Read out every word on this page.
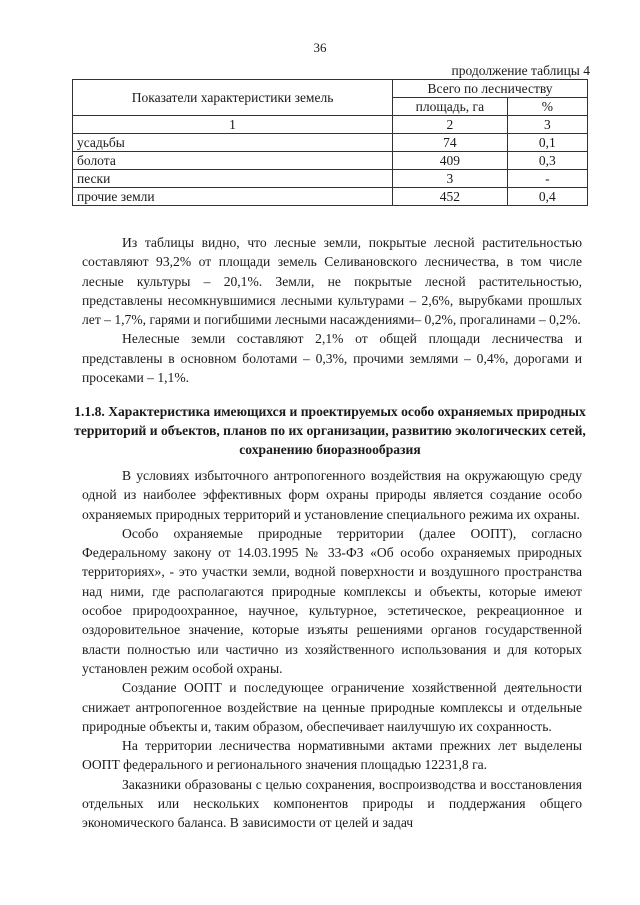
36
продолжение таблицы 4
Показатели характеристики земель	Всего по лесничеству	
	площадь, га	%
1	2	3
усадьбы	74	0,1
болота	409	0,3
пески	3	-
прочие земли	452	0,4

Из таблицы видно, что лесные земли, покрытые лесной растительностью составляют 93,2% от площади земель Селивановского лесничества, в том числе лесные культуры – 20,1%. Земли, не покрытые лесной растительностью, представлены несомкнувшимися лесными культурами – 2,6%, вырубками прошлых лет – 1,7%, гарями и погибшими лесными насаждениями– 0,2%, прогалинами – 0,2%.

Нелесные земли составляют 2,1% от общей площади лесничества и представлены в основном болотами – 0,3%, прочими землями – 0,4%, дорогами и просеками – 1,1%.

1.1.8. Характеристика имеющихся и проектируемых особо охраняемых природных территорий и объектов, планов по их организации, развитию экологических сетей, сохранению биоразнообразия

В условиях избыточного антропогенного воздействия на окружающую среду одной из наиболее эффективных форм охраны природы является создание особо охраняемых природных территорий и установление специального режима их охраны.

Особо охраняемые природные территории (далее ООПТ), согласно Федеральному закону от 14.03.1995 № 33-ФЗ «Об особо охраняемых природных территориях», - это участки земли, водной поверхности и воздушного пространства над ними, где располагаются природные комплексы и объекты, которые имеют особое природоохранное, научное, культурное, эстетическое, рекреационное и оздоровительное значение, которые изъяты решениями органов государственной власти полностью или частично из хозяйственного использования и для которых установлен режим особой охраны.

Создание ООПТ и последующее ограничение хозяйственной деятельности снижает антропогенное воздействие на ценные природные комплексы и отдельные природные объекты и, таким образом, обеспечивает наилучшую их сохранность.

На территории лесничества нормативными актами прежних лет выделены ООПТ федерального и регионального значения площадью 12231,8 га.

Заказники образованы с целью сохранения, воспроизводства и восстановления отдельных или нескольких компонентов природы и поддержания общего экономического баланса. В зависимости от целей и задач
